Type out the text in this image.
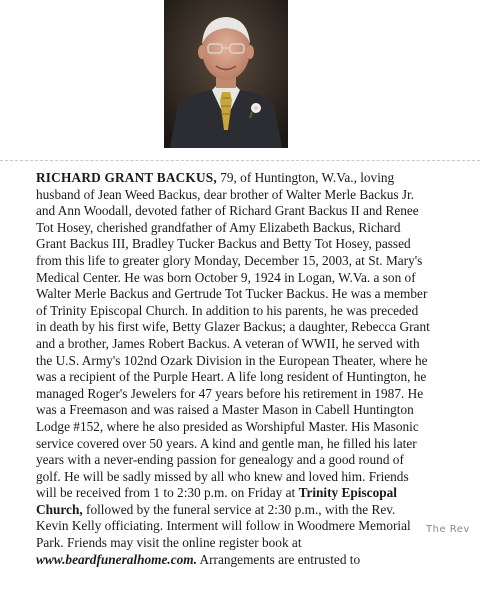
RICHARD GRANT BACKUS, 79, of Huntington, W.Va., loving husband of Jean Weed Backus, dear brother of Walter Merle Backus Jr. and Ann Woodall, devoted father of Richard Grant Backus II and Renee Tot Hosey, cherished grandfather of Amy Elizabeth Backus, Richard Grant Backus III, Bradley Tucker Backus and Betty Tot Hosey, passed from this life to greater glory Monday, December 15, 2003, at St. Mary's Medical Center. He was born October 9, 1924 in Logan, W.Va. a son of Walter Merle Backus and Gertrude Tot Tucker Backus. He was a member of Trinity Episcopal Church. In addition to his parents, he was preceded in death by his first wife, Betty Glazer Backus; a daughter, Rebecca Grant and a brother, James Robert Backus. A veteran of WWII, he served with the U.S. Army's 102nd Ozark Division in the European Theater, where he was a recipient of the Purple Heart. A life long resident of Huntington, he managed Roger's Jewelers for 47 years before his retirement in 1987. He was a Freemason and was raised a Master Mason in Cabell Huntington Lodge #152, where he also presided as Worshipful Master. His Masonic service covered over 50 years. A kind and gentle man, he filled his later years with a never-ending passion for genealogy and a good round of golf. He will be sadly missed by all who knew and loved him. Friends will be received from 1 to 2:30 p.m. on Friday at Trinity Episcopal Church, followed by the funeral service at 2:30 p.m., with the Rev. Kevin Kelly officiating. Interment will follow in Woodmere Memorial Park. Friends may visit the online register book at www.beardfuneralhome.com. Arrangements are entrusted to

The Rev
